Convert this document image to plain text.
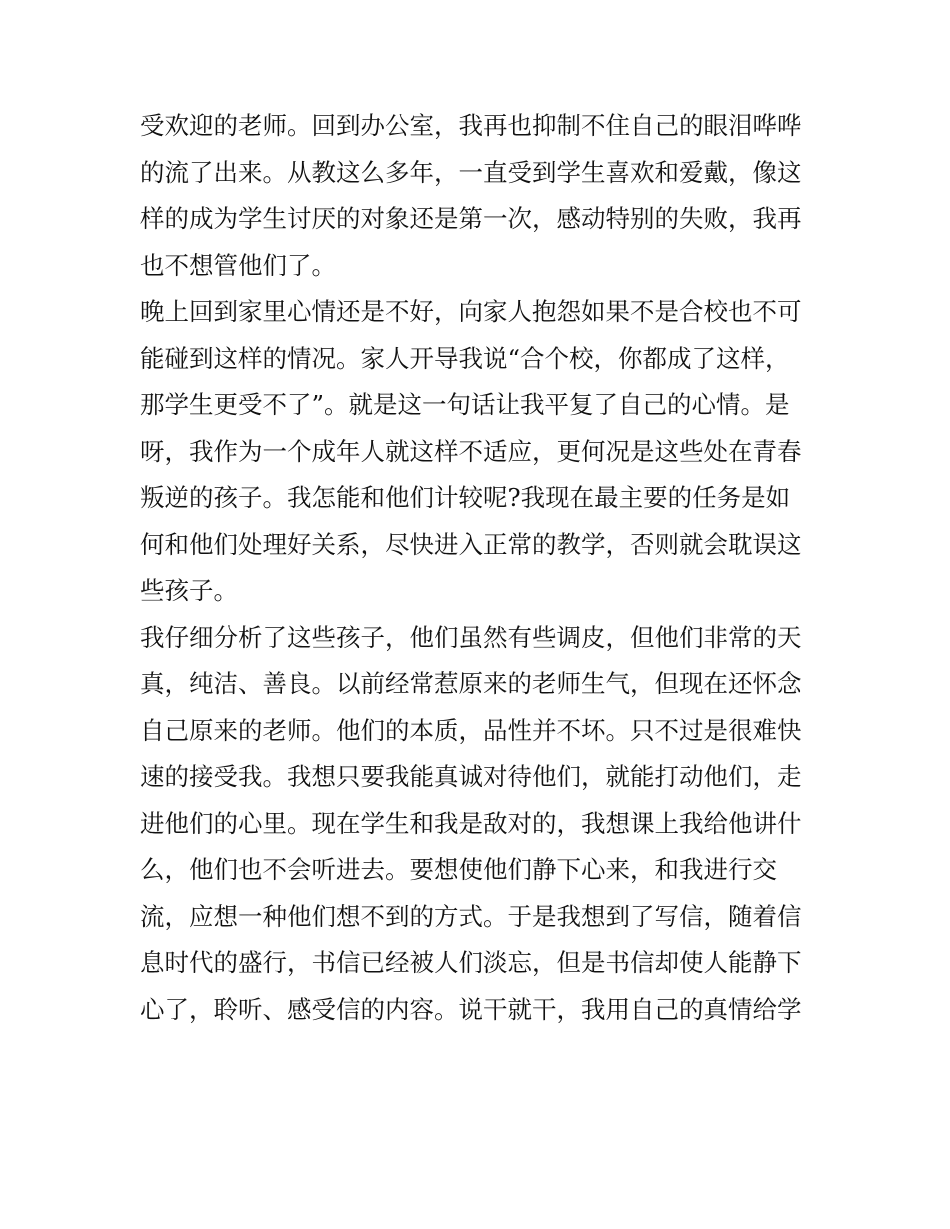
受欢迎的老师。回到办公室，我再也抑制不住自己的眼泪哗哗

的流了出来。从教这么多年，一直受到学生喜欢和爱戴，像这

样的成为学生讨厌的对象还是第一次，感动特别的失败，我再

也不想管他们了。

晚上回到家里心情还是不好，向家人抱怨如果不是合校也不可

能碰到这样的情况。家人开导我说“合个校，你都成了这样，

那学生更受不了”。就是这一句话让我平复了自己的心情。是

呀，我作为一个成年人就这样不适应，更何况是这些处在青春

叛逆的孩子。我怎能和他们计较呢?我现在最主要的任务是如

何和他们处理好关系，尽快进入正常的教学，否则就会耽误这

些孩子。

我仔细分析了这些孩子，他们虽然有些调皮，但他们非常的天

真，纯洁、善良。以前经常惹原来的老师生气，但现在还怀念

自己原来的老师。他们的本质，品性并不坏。只不过是很难快

速的接受我。我想只要我能真诚对待他们，就能打动他们，走

进他们的心里。现在学生和我是敌对的，我想课上我给他讲什

么，他们也不会听进去。要想使他们静下心来，和我进行交

流，应想一种他们想不到的方式。于是我想到了写信，随着信

息时代的盛行，书信已经被人们淡忘，但是书信却使人能静下

心了，聆听、感受信的内容。说干就干，我用自己的真情给学
